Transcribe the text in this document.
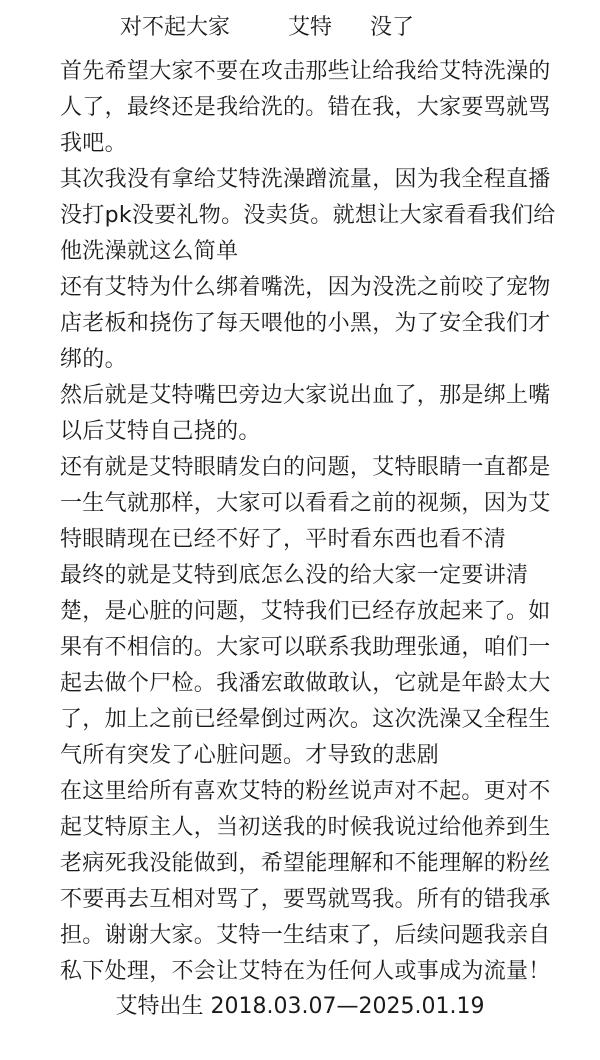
对不起大家	艾特 没了
首先希望大家不要在攻击那些让给我给艾特洗澡的
人了，最终还是我给洗的。错在我，大家要骂就骂
我吧。
其次我没有拿给艾特洗澡蹭流量，因为我全程直播
没打pk没要礼物。没卖货。就想让大家看看我们给
他洗澡就这么简单
还有艾特为什么绑着嘴洗，因为没洗之前咬了宠物
店老板和挠伤了每天喂他的小黑，为了安全我们才
绑的。
然后就是艾特嘴巴旁边大家说出血了，那是绑上嘴
以后艾特自己挠的。
还有就是艾特眼睛发白的问题，艾特眼睛一直都是
一生气就那样，大家可以看看之前的视频，因为艾
特眼睛现在已经不好了，平时看东西也看不清
最终的就是艾特到底怎么没的给大家一定要讲清
楚，是心脏的问题，艾特我们已经存放起来了。如
果有不相信的。大家可以联系我助理张通，咱们一
起去做个尸检。我潘宏敢做敢认，它就是年龄太大
了，加上之前已经晕倒过两次。这次洗澡又全程生
气所有突发了心脏问题。才导致的悲剧
在这里给所有喜欢艾特的粉丝说声对不起。更对不
起艾特原主人，当初送我的时候我说过给他养到生
老病死我没能做到，希望能理解和不能理解的粉丝
不要再去互相对骂了，要骂就骂我。所有的错我承
担。谢谢大家。艾特一生结束了，后续问题我亲自
私下处理，不会让艾特在为任何人或事成为流量！
艾特出生 2018.03.07—2025.01.19
